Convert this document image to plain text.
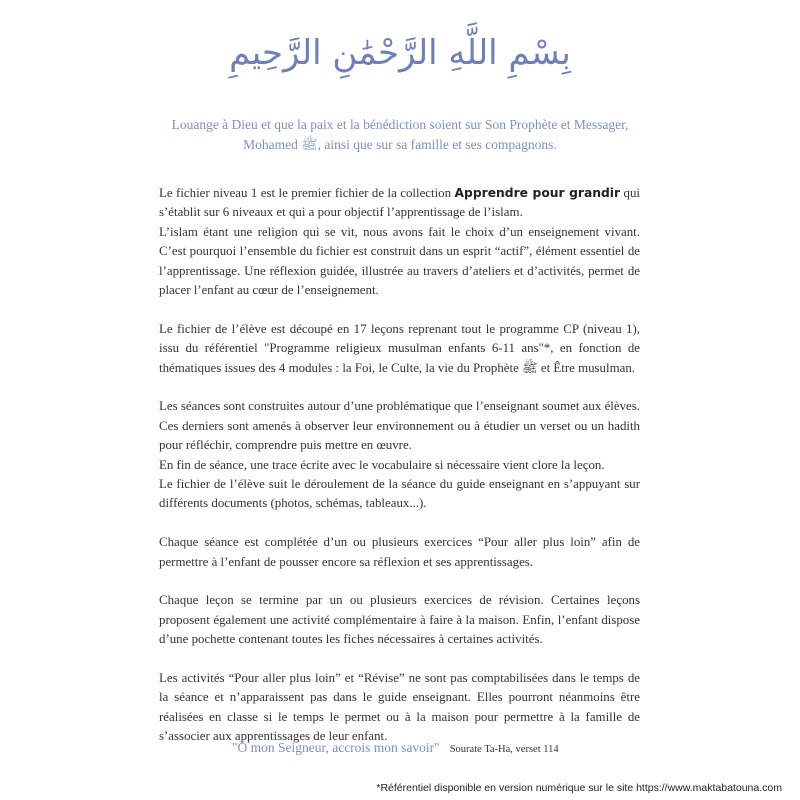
بِسْمِ اللَّهِ الرَّحْمَٰنِ الرَّحِيمِ
Louange à Dieu et que la paix et la bénédiction soient sur Son Prophète et Messager,
Mohamed ﷺ, ainsi que sur sa famille et ses compagnons.

Le fichier niveau 1 est le premier fichier de la collection Apprendre pour grandir qui s’établit sur 6 niveaux et qui a pour objectif l’apprentissage de l’islam.
L’islam étant une religion qui se vit, nous avons fait le choix d’un enseignement vivant. C’est pourquoi l’ensemble du fichier est construit dans un esprit “actif”, élément essentiel de l’apprentissage. Une réflexion guidée, illustrée au travers d’ateliers et d’activités, permet de placer l’enfant au cœur de l’enseignement.

Le fichier de l’élève est découpé en 17 leçons reprenant tout le programme CP (niveau 1), issu du référentiel "Programme religieux musulman enfants 6-11 ans"*, en fonction de thématiques issues des 4 modules : la Foi, le Culte, la vie du Prophète ﷺ et Être musulman.

Les séances sont construites autour d’une problématique que l’enseignant soumet aux élèves. Ces derniers sont amenés à observer leur environnement ou à étudier un verset ou un hadith pour réfléchir, comprendre puis mettre en œuvre.
En fin de séance, une trace écrite avec le vocabulaire si nécessaire vient clore la leçon.
Le fichier de l’élève suit le déroulement de la séance du guide enseignant en s’appuyant sur différents documents (photos, schémas, tableaux...).

Chaque séance est complétée d’un ou plusieurs exercices “Pour aller plus loin” afin de permettre à l’enfant de pousser encore sa réflexion et ses apprentissages.

Chaque leçon se termine par un ou plusieurs exercices de révision. Certaines leçons proposent également une activité complémentaire à faire à la maison. Enfin, l’enfant dispose d’une pochette contenant toutes les fiches nécessaires à certaines activités.

Les activités “Pour aller plus loin” et “Révise” ne sont pas comptabilisées dans le temps de la séance et n’apparaissent pas dans le guide enseignant. Elles pourront néanmoins être réalisées en classe si le temps le permet ou à la maison pour permettre à la famille de s’associer aux apprentissages de leur enfant.

"Ô mon Seigneur, accrois mon savoir" Sourate Ta-Ha, verset 114
*Référentiel disponible en version numérique sur le site https://www.maktabatouna.com
